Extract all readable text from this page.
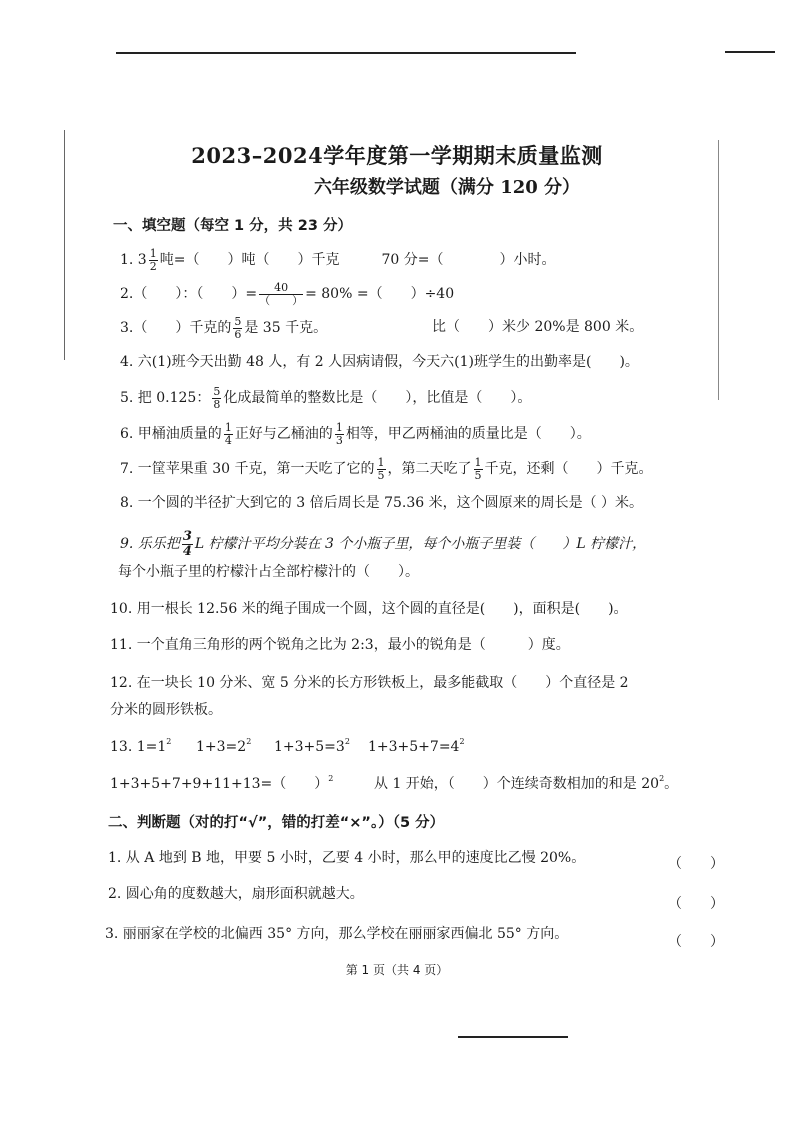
2023–2024学年度第一学期期末质量监测
六年级数学试题（满分 120 分）
一、填空题（每空 1 分，共 23 分）
1. $3 \frac{1}{2}$ 吨=（　　）吨（　　）千克　　　70 分=（　　　　）小时。
2.（　　）：（　　）= $\frac{40}{( )} = 80\%$ =（　　）÷40
3.（　　）千克的 $\frac{5}{6}$ 是 35 千克。	比（　　）米少 20%是 800 米。
4. 六(1)班今天出勤 48 人，有 2 人因病请假，今天六(1)班学生的出勤率是(　　)。
5. 把 0.125： $\frac{5}{8}$ 化成最简单的整数比是（　　），比值是（　　）。
6. 甲桶油质量的 $\frac{1}{4}$ 正好与乙桶油的 $\frac{1}{3}$ 相等，甲乙两桶油的质量比是（　　）。
7. 一筐苹果重 30 千克，第一天吃了它的 $\frac{1}{5}$ ，第二天吃了 $\frac{1}{5}$ 千克，还剩（　　）千克。
8. 一个圆的半径扩大到它的 3 倍后周长是 75.36 米，这个圆原来的周长是（ ）米。
9. 乐乐把 $\frac{3}{4}$ L 柠檬汁平均分装在 3 个小瓶子里，每个小瓶子里装（　　）L 柠檬汁，
每个小瓶子里的柠檬汁占全部柠檬汁的（　　）。
10. 用一根长 12.56 米的绳子围成一个圆，这个圆的直径是(　　)，面积是(　　)。
11. 一个直角三角形的两个锐角之比为 2:3，最小的锐角是（　　　）度。
12. 在一块长 10 分米、宽 5 分米的长方形铁板上，最多能截取（　　）个直径是 2
分米的圆形铁板。
13. $1=1^2$ $1+3=2^2$ $1+3+5=3^2$ $1+3+5+7=4^2$
1+3+5+7+9+11+13=（　　）$^2$	从 1 开始，（　　）个连续奇数相加的和是 $20^2$。
二、判断题（对的打“√”，错的打差“×”。）（5 分）
1. 从 A 地到 B 地，甲要 5 小时，乙要 4 小时，那么甲的速度比乙慢 20%。	（　　）
2. 圆心角的度数越大，扇形面积就越大。
（　　）
3. 丽丽家在学校的北偏西 35° 方向，那么学校在丽丽家西偏北 55° 方向。	（　　）
第 1 页（共 4 页）
